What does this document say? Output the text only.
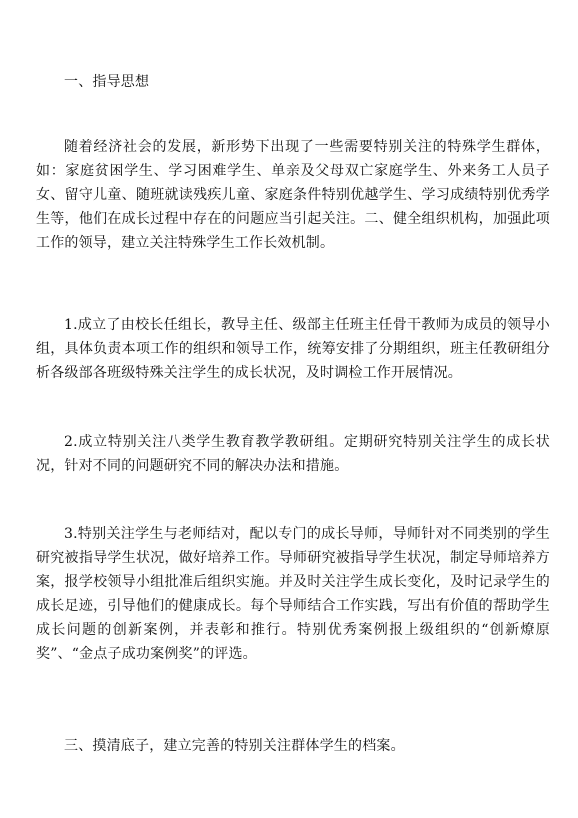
一、指导思想

随着经济社会的发展，新形势下出现了一些需要特别关注的特殊学生群体，如：家庭贫困学生、学习困难学生、单亲及父母双亡家庭学生、外来务工人员子女、留守儿童、随班就读残疾儿童、家庭条件特别优越学生、学习成绩特别优秀学生等，他们在成长过程中存在的问题应当引起关注。二、健全组织机构，加强此项工作的领导，建立关注特殊学生工作长效机制。

1.成立了由校长任组长，教导主任、级部主任班主任骨干教师为成员的领导小组，具体负责本项工作的组织和领导工作，统筹安排了分期组织，班主任教研组分析各级部各班级特殊关注学生的成长状况，及时调检工作开展情况。

2.成立特别关注八类学生教育教学教研组。定期研究特别关注学生的成长状况，针对不同的问题研究不同的解决办法和措施。

3.特别关注学生与老师结对，配以专门的成长导师，导师针对不同类别的学生研究被指导学生状况，做好培养工作。导师研究被指导学生状况，制定导师培养方案，报学校领导小组批准后组织实施。并及时关注学生成长变化，及时记录学生的成长足迹，引导他们的健康成长。每个导师结合工作实践，写出有价值的帮助学生成长问题的创新案例，并表彰和推行。特别优秀案例报上级组织的“创新燎原奖”、“金点子成功案例奖”的评选。

三、摸清底子，建立完善的特别关注群体学生的档案。
